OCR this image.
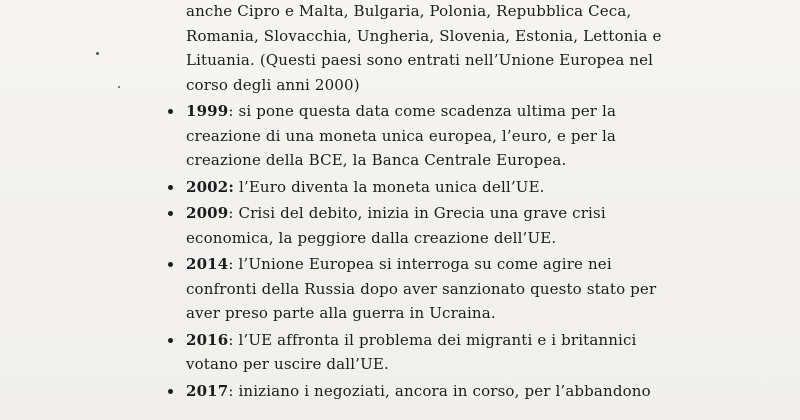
anche Cipro e Malta, Bulgaria, Polonia, Repubblica Ceca,
Romania, Slovacchia, Ungheria, Slovenia, Estonia, Lettonia e
Lituania. (Questi paesi sono entrati nell’Unione Europea nel
corso degli anni 2000)
1999: si pone questa data come scadenza ultima per la
creazione di una moneta unica europea, l’euro, e per la
creazione della BCE, la Banca Centrale Europea.
2002: l’Euro diventa la moneta unica dell’UE.
2009: Crisi del debito, inizia in Grecia una grave crisi
economica, la peggiore dalla creazione dell’UE.
2014: l’Unione Europea si interroga su come agire nei
confronti della Russia dopo aver sanzionato questo stato per
aver preso parte alla guerra in Ucraina.
2016: l’UE affronta il problema dei migranti e i britannici
votano per uscire dall’UE.
2017: iniziano i negoziati, ancora in corso, per l’abbandono
